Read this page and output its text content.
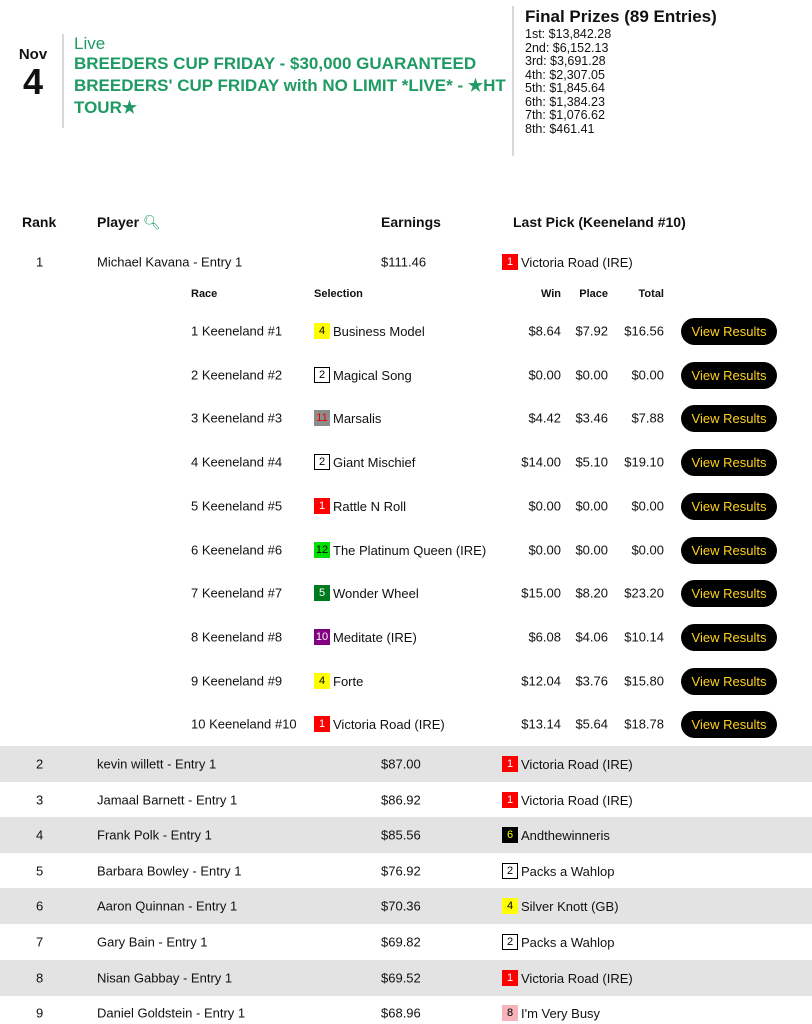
Nov
4
Live
BREEDERS CUP FRIDAY - $30,000 GUARANTEED BREEDERS' CUP FRIDAY with NO LIMIT *LIVE* - ★HT TOUR★
Final Prizes (89 Entries)
1st: $13,842.28
2nd: $6,152.13
3rd: $3,691.28
4th: $2,307.05
5th: $1,845.64
6th: $1,384.23
7th: $1,076.62
8th: $461.41
Rank	Player 🔍︎	Earnings	Last Pick (Keeneland #10)
1	Michael Kavana - Entry 1	$111.46	1 Victoria Road (IRE)
Race	Selection	Win Place	Total
1 Keeneland #1	4 Business Model	$8.64 $7.92 $16.56	View Results
2 Keeneland #2	2 Magical Song	$0.00 $0.00 $0.00	View Results
3 Keeneland #3	11 Marsalis	$4.42 $3.46 $7.88	View Results
4 Keeneland #4	2 Giant Mischief	$14.00 $5.10 $19.10	View Results
5 Keeneland #5	1 Rattle N Roll	$0.00 $0.00 $0.00	View Results
6 Keeneland #6	12 The Platinum Queen (IRE)	$0.00 $0.00 $0.00	View Results
7 Keeneland #7	5 Wonder Wheel	$15.00 $8.20 $23.20	View Results
8 Keeneland #8	10 Meditate (IRE)	$6.08 $4.06 $10.14	View Results
9 Keeneland #9	4 Forte	$12.04 $3.76 $15.80	View Results
10 Keeneland #10	1 Victoria Road (IRE)	$13.14 $5.64 $18.78	View Results
2	kevin willett - Entry 1	$87.00	1 Victoria Road (IRE)
3	Jamaal Barnett - Entry 1	$86.92	1 Victoria Road (IRE)
4	Frank Polk - Entry 1	$85.56	6 Andthewinneris
5	Barbara Bowley - Entry 1	$76.92	2 Packs a Wahlop
6	Aaron Quinnan - Entry 1	$70.36	4 Silver Knott (GB)
7	Gary Bain - Entry 1	$69.82	2 Packs a Wahlop
8	Nisan Gabbay - Entry 1	$69.52	1 Victoria Road (IRE)
9	Daniel Goldstein - Entry 1	$68.96	8 I'm Very Busy
